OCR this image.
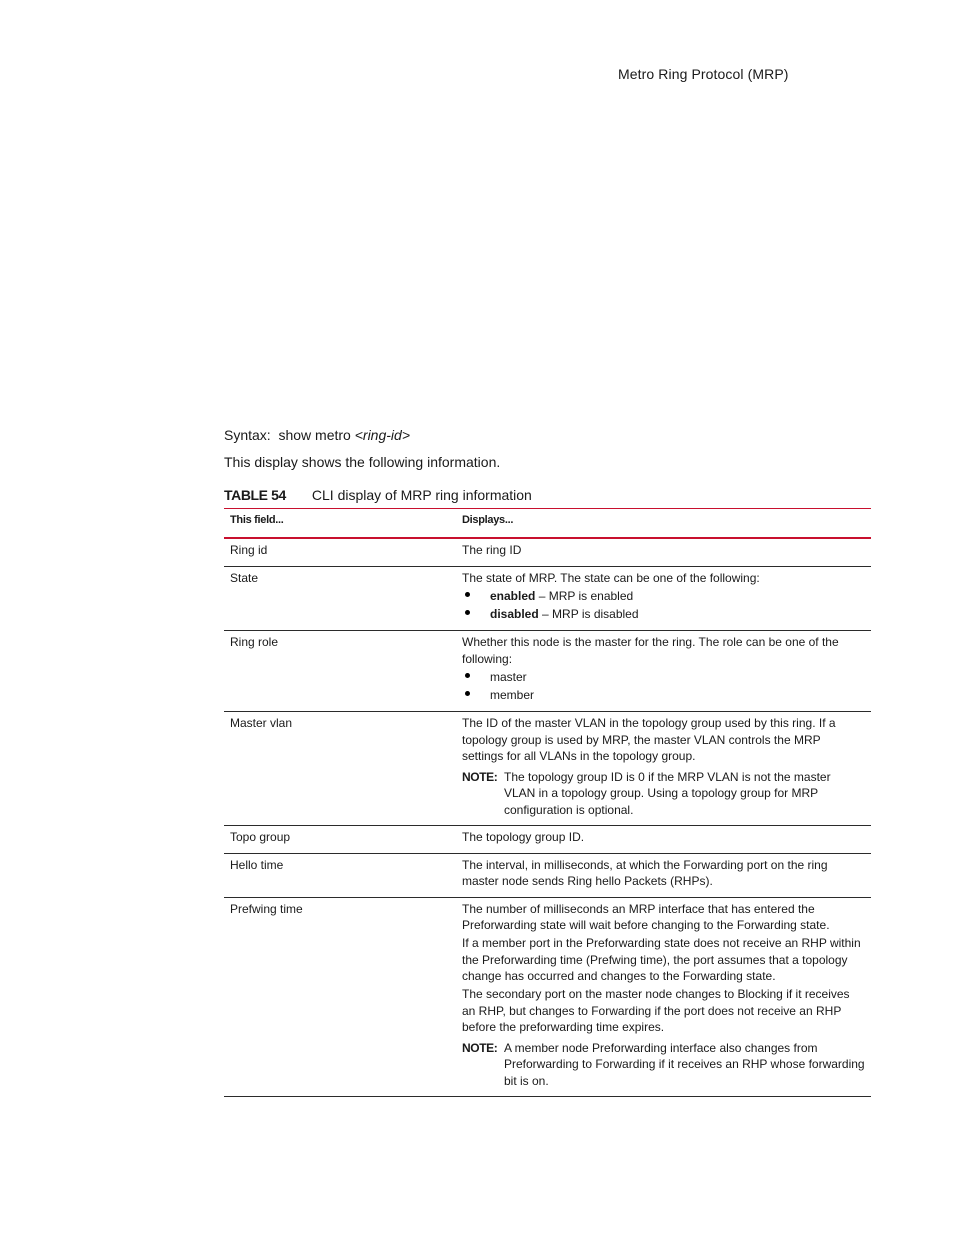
Metro Ring Protocol (MRP)
Syntax: show metro <ring-id>
This display shows the following information.
TABLE 54 CLI display of MRP ring information
This field...	Displays...
Ring id	The ring ID

State	The state of MRP. The state can be one of the following:

enabled – MRP is enabled
disabled – MRP is disabled
Ring role	Whether this node is the master for the ring. The role can be one of the following:

master
member
Master vlan	The ID of the master VLAN in the topology group used by this ring. If a topology group is used by MRP, the master VLAN controls the MRP settings for all VLANs in the topology group.

NOTE: The topology group ID is 0 if the MRP VLAN is not the master VLAN in a topology group. Using a topology group for MRP configuration is optional.
Topo group	The topology group ID.

Hello time	The interval, in milliseconds, at which the Forwarding port on the ring master node sends Ring hello Packets (RHPs).

Prefwing time	The number of milliseconds an MRP interface that has entered the Preforwarding state will wait before changing to the Forwarding state.

If a member port in the Preforwarding state does not receive an RHP within the Preforwarding time (Prefwing time), the port assumes that a topology change has occurred and changes to the Forwarding state.

The secondary port on the master node changes to Blocking if it receives an RHP, but changes to Forwarding if the port does not receive an RHP before the preforwarding time expires.

NOTE: A member node Preforwarding interface also changes from Preforwarding to Forwarding if it receives an RHP whose forwarding bit is on.
